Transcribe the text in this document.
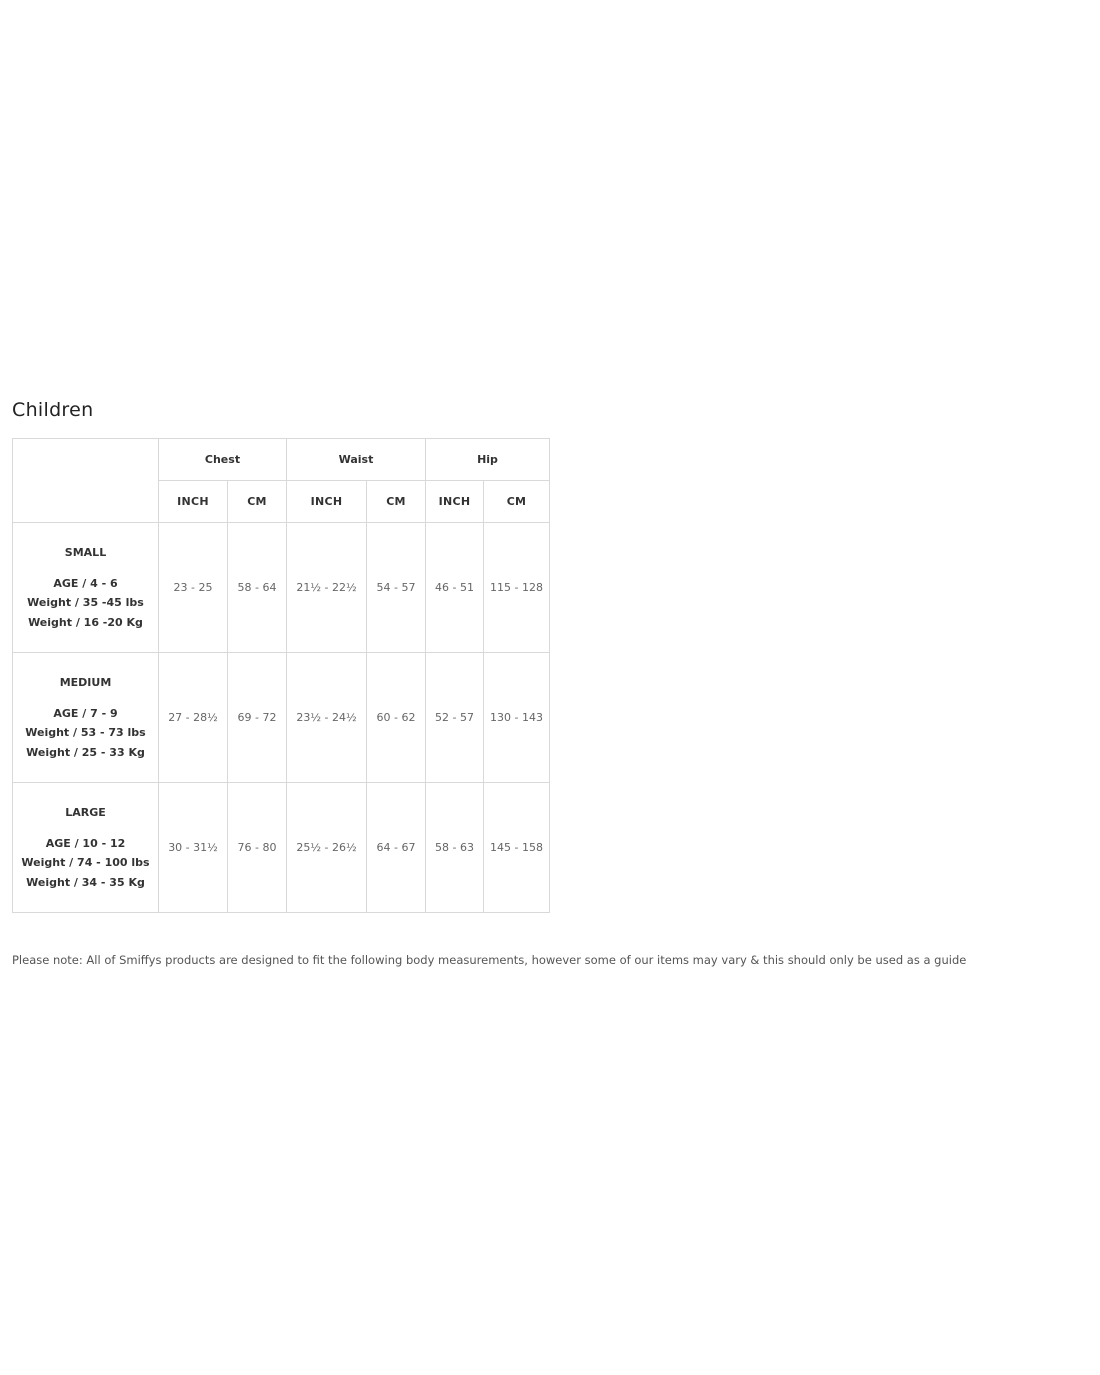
Children
	Chest		Waist		Hip	
	INCH	CM	INCH	CM	INCH	CM

SMALL
AGE / 4 - 6
Weight / 35 -45 lbs
Weight / 16 -20 Kg	23 - 25	58 - 64	21½ - 22½	54 - 57	46 - 51	115 - 128

MEDIUM
AGE / 7 - 9
Weight / 53 - 73 lbs
Weight / 25 - 33 Kg	27 - 28½	69 - 72	23½ - 24½	60 - 62	52 - 57	130 - 143

LARGE
AGE / 10 - 12
Weight / 74 - 100 lbs
Weight / 34 - 35 Kg	30 - 31½	76 - 80	25½ - 26½	64 - 67	58 - 63	145 - 158

Please note: All of Smiffys products are designed to fit the following body measurements, however some of our items may vary & this should only be used as a guide
